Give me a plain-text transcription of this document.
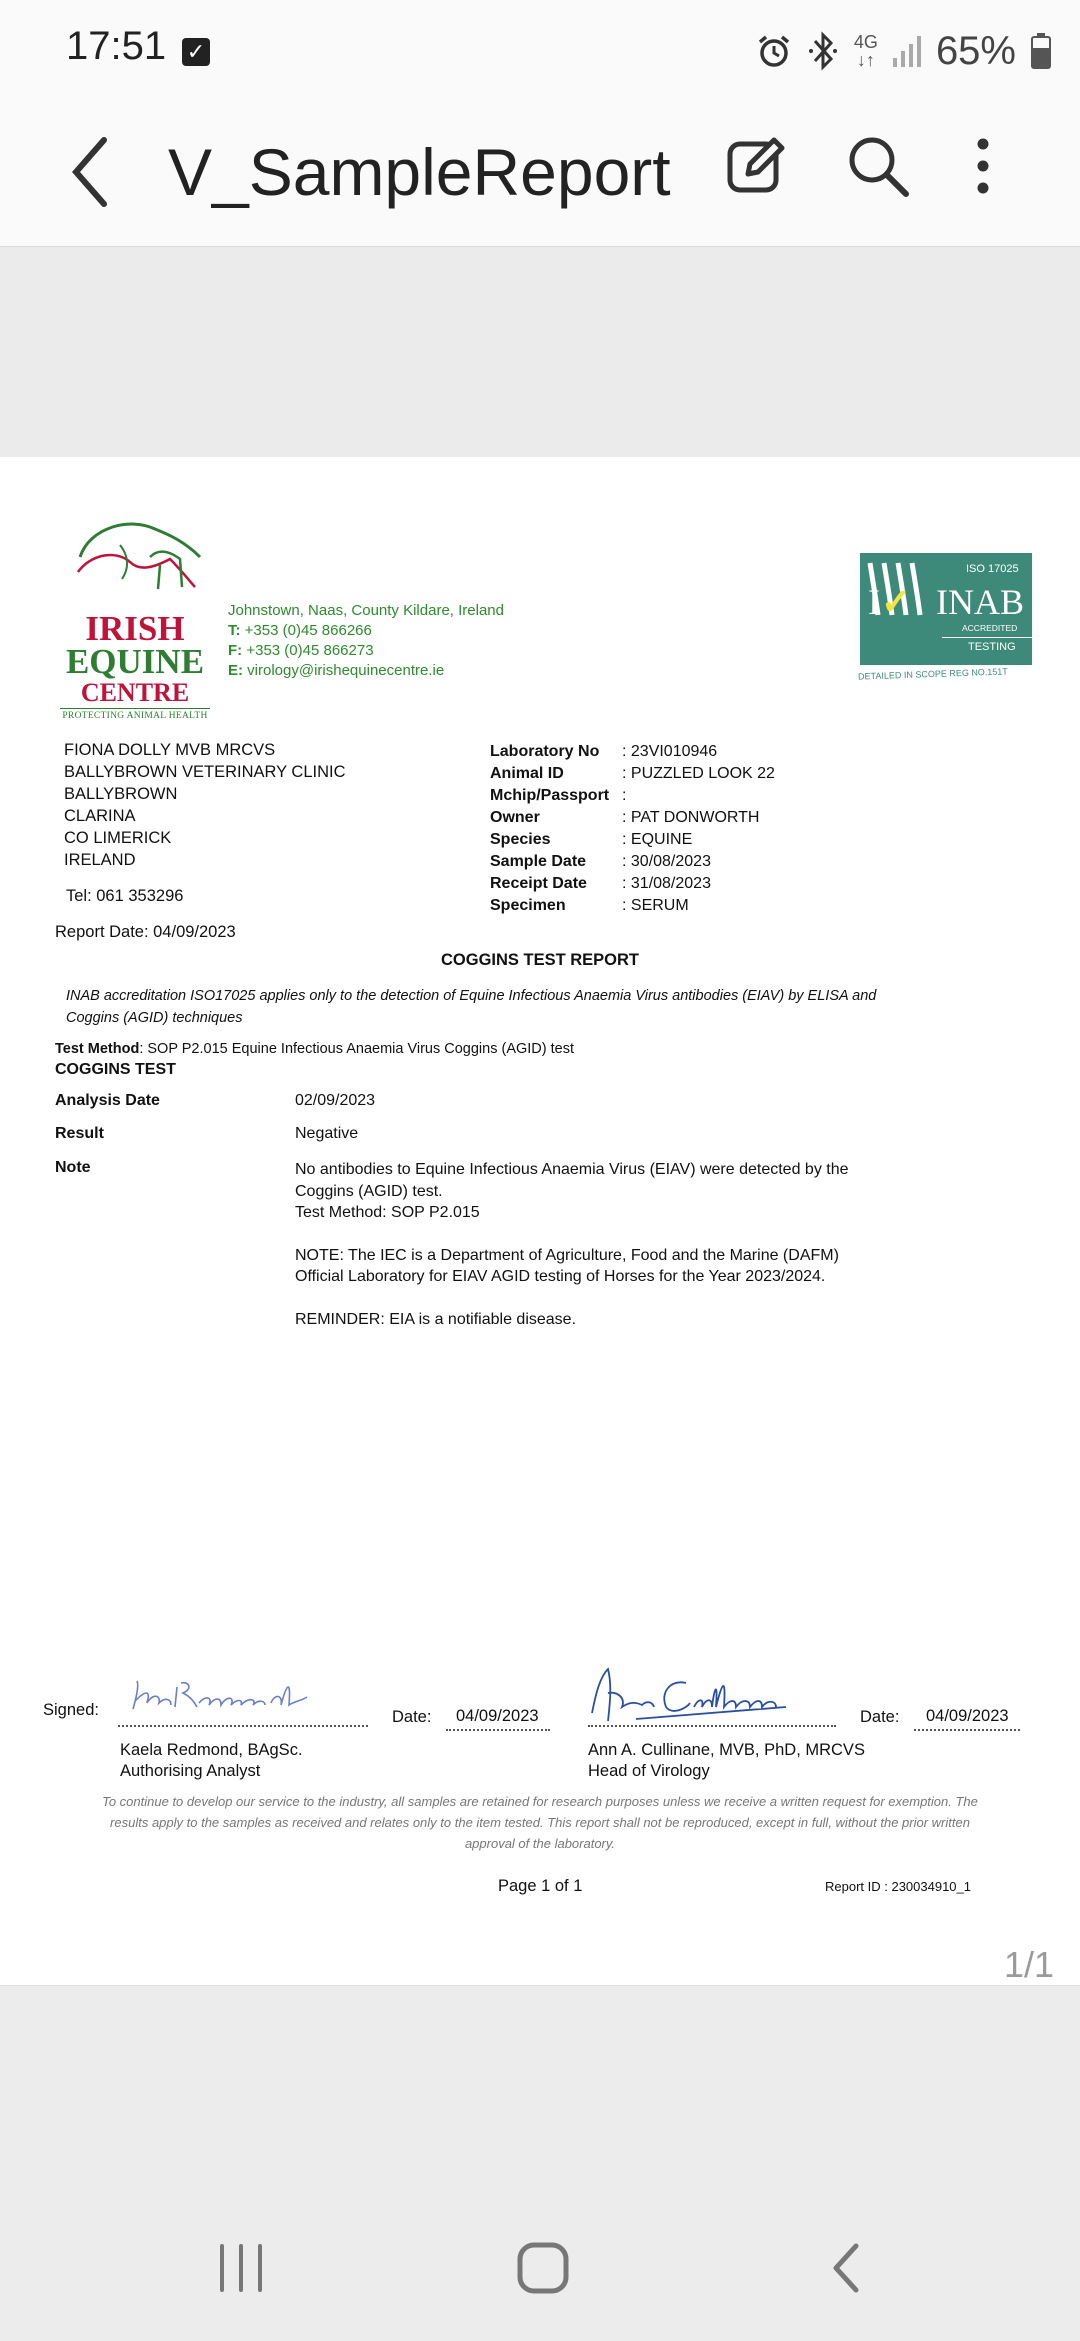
17:51 ✓	4G
↓↑ 65%
V_SampleReport
IRISH
EQUINE
CENTRE
PROTECTING ANIMAL HEALTH
Johnstown, Naas, County Kildare, Ireland
T: +353 (0)45 866266
F: +353 (0)45 866273
E: virology@irishequinecentre.ie
ISO 17025
I✓ INAB
ACCREDITED
TESTING
DETAILED IN SCOPE REG NO.151T
FIONA DOLLY MVB MRCVS
BALLYBROWN VETERINARY CLINIC
BALLYBROWN
CLARINA
CO LIMERICK
IRELAND
Tel: 061 353296
Laboratory No	: 23VI010946
Animal ID	: PUZZLED LOOK 22
Mchip/Passport :
Owner	: PAT DONWORTH
Species	: EQUINE
Sample Date	: 30/08/2023
Receipt Date	: 31/08/2023
Specimen	: SERUM
Report Date: 04/09/2023
COGGINS TEST REPORT
INAB accreditation ISO17025 applies only to the detection of Equine Infectious Anaemia Virus antibodies (EIAV) by ELISA and Coggins (AGID) techniques
Test Method: SOP P2.015 Equine Infectious Anaemia Virus Coggins (AGID) test
COGGINS TEST
Analysis Date	02/09/2023
Result	Negative
Note	No antibodies to Equine Infectious Anaemia Virus (EIAV) were detected by the Coggins (AGID) test.

Test Method: SOP P2.015

NOTE: The IEC is a Department of Agriculture, Food and the Marine (DAFM) Official Laboratory for EIAV AGID testing of Horses for the Year 2023/2024.

REMINDER: EIA is a notifiable disease.

Signed:	Date: 04/09/2023
Kaela Redmond, BAgSc.
Authorising Analyst
Date: 04/09/2023
Ann A. Cullinane, MVB, PhD, MRCVS
Head of Virology
To continue to develop our service to the industry, all samples are retained for research purposes unless we receive a written request for exemption. The results apply to the samples as received and relates only to the item tested. This report shall not be reproduced, except in full, without the prior written approval of the laboratory.
Page 1 of 1	Report ID : 230034910_1
1/1
